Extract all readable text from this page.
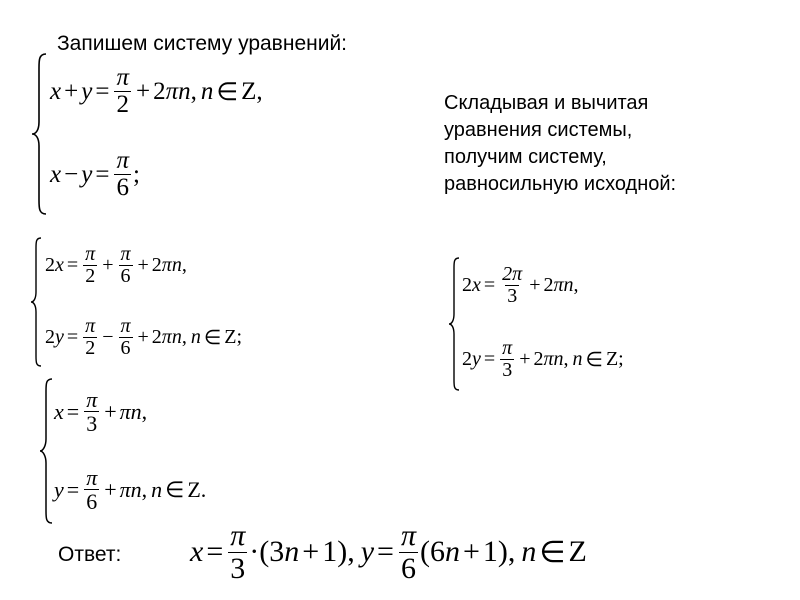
Запишем систему уравнений:
Складывая и вычитая
уравнения системы,
получим систему,
равносильную исходной:
$x + y = \frac{\pi}{2} + 2$ πn , n ∈ Z ,
$x - y = \frac{\pi}{6}$ ;
2 $x = \frac{\pi}{2} + \frac{\pi}{6} + 2$ πn ,
2 $y = \frac{\pi}{2} - \frac{\pi}{6} + 2$ πn , n ∈ Z ;
2 $x = \frac{2\pi}{3} + 2$ πn ,
2 $y = \frac{\pi}{3} + 2$ πn , n ∈ Z ;
$x = \frac{\pi}{3} + \pi n$ ,
$y = \frac{\pi}{6} + \pi n$ , n ∈ Z .
Ответ: $x = \frac{\pi}{3}$ · ( 3 n + 1 ) , $y = \frac{\pi}{6}$ ( 6 n + 1 ) , n ∈ Z
